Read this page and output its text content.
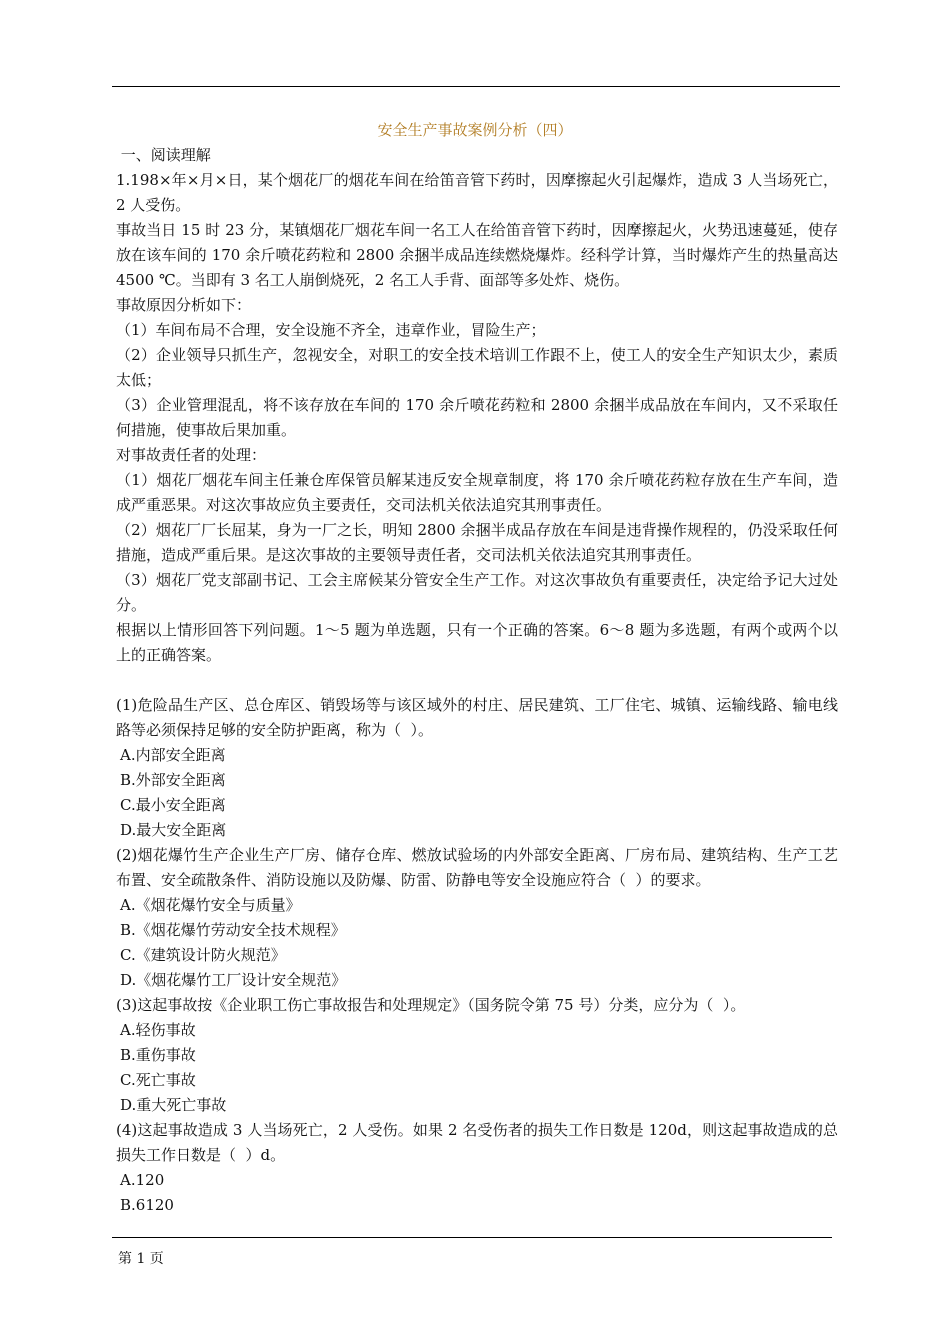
安全生产事故案例分析（四）

一、阅读理解

1.198×年×月×日，某个烟花厂的烟花车间在给笛音管下药时，因摩擦起火引起爆炸，造成 3 人当场死亡，2 人受伤。

事故当日 15 时 23 分，某镇烟花厂烟花车间一名工人在给笛音管下药时，因摩擦起火，火势迅速蔓延，使存放在该车间的 170 余斤喷花药粒和 2800 余捆半成品连续燃烧爆炸。经科学计算，当时爆炸产生的热量高达 4500 ℃。当即有 3 名工人崩倒烧死，2 名工人手背、面部等多处炸、烧伤。

事故原因分析如下：

（1）车间布局不合理，安全设施不齐全，违章作业，冒险生产；

（2）企业领导只抓生产，忽视安全，对职工的安全技术培训工作跟不上，使工人的安全生产知识太少，素质太低；

（3）企业管理混乱，将不该存放在车间的 170 余斤喷花药粒和 2800 余捆半成品放在车间内，又不采取任何措施，使事故后果加重。

对事故责任者的处理：

（1）烟花厂烟花车间主任兼仓库保管员解某违反安全规章制度，将 170 余斤喷花药粒存放在生产车间，造成严重恶果。对这次事故应负主要责任，交司法机关依法追究其刑事责任。

（2）烟花厂厂长屈某，身为一厂之长，明知 2800 余捆半成品存放在车间是违背操作规程的，仍没采取任何措施，造成严重后果。是这次事故的主要领导责任者，交司法机关依法追究其刑事责任。

（3）烟花厂党支部副书记、工会主席候某分管安全生产工作。对这次事故负有重要责任，决定给予记大过处分。

根据以上情形回答下列问题。1～5 题为单选题，只有一个正确的答案。6～8 题为多选题，有两个或两个以上的正确答案。

(1)危险品生产区、总仓库区、销毁场等与该区域外的村庄、居民建筑、工厂住宅、城镇、运输线路、输电线路等必须保持足够的安全防护距离，称为（  ）。

A.内部安全距离

B.外部安全距离

C.最小安全距离

D.最大安全距离

(2)烟花爆竹生产企业生产厂房、储存仓库、燃放试验场的内外部安全距离、厂房布局、建筑结构、生产工艺布置、安全疏散条件、消防设施以及防爆、防雷、防静电等安全设施应符合（  ）的要求。

A.《烟花爆竹安全与质量》

B.《烟花爆竹劳动安全技术规程》

C.《建筑设计防火规范》

D.《烟花爆竹工厂设计安全规范》

(3)这起事故按《企业职工伤亡事故报告和处理规定》（国务院令第 75 号）分类，应分为（  ）。

A.轻伤事故

B.重伤事故

C.死亡事故

D.重大死亡事故

(4)这起事故造成 3 人当场死亡，2 人受伤。如果 2 名受伤者的损失工作日数是 120d，则这起事故造成的总损失工作日数是（  ）d。

A.120

B.6120

第 1 页
